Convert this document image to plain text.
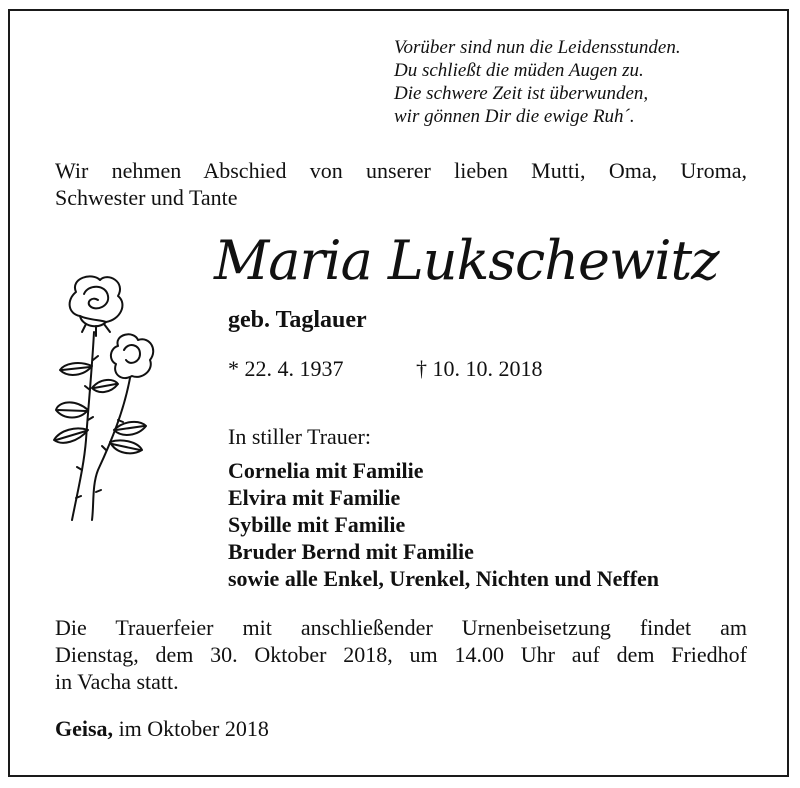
Vorüber sind nun die Leidensstunden.
Du schließt die müden Augen zu.
Die schwere Zeit ist überwunden,
wir gönnen Dir die ewige Ruh´.
Wir nehmen Abschied von unserer lieben Mutti, Oma, Uroma,
Schwester und Tante
Maria Lukschewitz
geb. Taglauer
* 22. 4. 1937	† 10. 10. 2018
In stiller Trauer:
Cornelia mit Familie
Elvira mit Familie
Sybille mit Familie
Bruder Bernd mit Familie
sowie alle Enkel, Urenkel, Nichten und Neffen
Die Trauerfeier mit anschließender Urnenbeisetzung findet am
Dienstag, dem 30. Oktober 2018, um 14.00 Uhr auf dem Friedhof
in Vacha statt.
Geisa, im Oktober 2018
